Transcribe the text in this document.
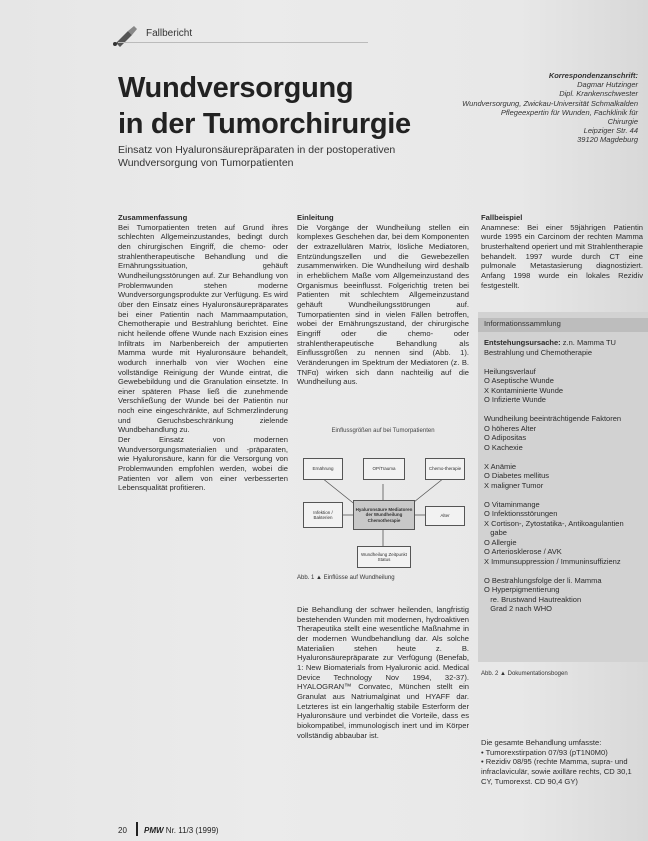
Fallbericht
Wundversorgung
in der Tumorchirurgie
Einsatz von Hyaluronsäurepräparaten in der postoperativen Wundversorgung von Tumorpatienten
Korrespondenzanschrift:
Dagmar Hutzinger
Dipl. Krankenschwester
Wundversorgung, Zwickau-Universität Schmalkalden
Pflegeexpertin für Wunden, Fachklinik für
Chirurgie
Leipziger Str. 44
39120 Magdeburg

Zusammenfassung

Bei Tumorpatienten treten auf Grund ihres schlechten Allgemeinzustandes, bedingt durch den chirurgischen Eingriff, die chemo- oder strahlentherapeutische Behandlung und die Ernährungssituation, gehäuft Wundheilungsstörungen auf. Zur Behandlung von Problemwunden stehen moderne Wundversorgungsprodukte zur Verfügung. Es wird über den Einsatz eines Hyaluronsäurepräparates bei einer Patientin nach Mammaamputation, Chemotherapie und Bestrahlung berichtet. Eine nicht heilende offene Wunde nach Exzision eines Infiltrats im Narbenbereich der amputierten Mamma wurde mit Hyaluronsäure behandelt, wodurch innerhalb von vier Wochen eine vollständige Reinigung der Wunde eintrat, die Gewebebildung und die Granulation einsetzte. In einer späteren Phase ließ die zunehmende Verschließung der Wunde bei der Patientin nur noch eine eingeschränkte, auf Schmerzlinderung und Geruchsbeschränkung zielende Wundbehandlung zu.

Der Einsatz von modernen Wundversorgungsmaterialien und -präparaten, wie Hyaluronsäure, kann für die Versorgung von Problemwunden empfohlen werden, wobei die Patienten vor allem von einer verbesserten Lebensqualität profitieren.

Einleitung

Die Vorgänge der Wundheilung stellen ein komplexes Geschehen dar, bei dem Komponenten der extrazellulären Matrix, lösliche Mediatoren, Entzündungszellen und die Gewebezellen zusammenwirken. Die Wundheilung wird deshalb in erheblichem Maße vom Allgemeinzustand des Organismus beeinflusst. Folgerichtig treten bei Patienten mit schlechtem Allgemeinzustand gehäuft Wundheilungsstörungen auf. Tumorpatienten sind in vielen Fällen betroffen, wobei der Ernährungszustand, der chirurgische Eingriff oder die chemo- oder strahlentherapeutische Behandlung als Einflussgrößen zu nennen sind (Abb. 1). Veränderungen im Spektrum der Mediatoren (z. B. TNFα) wirken sich dann nachteilig auf die Wundheilung aus.

Einflussgrößen auf bei Tumorpatienten
Ernährung	OP/Trauma	Chemo-therapie
Infektion / Bakterien
Hyaluronsäure Mediatoren der Wundheilung Chemotherapie
Alter
Wundheilung Zeitpunkt Status
Abb. 1 ▲ Einflüsse auf Wundheilung

Die Behandlung der schwer heilenden, langfristig bestehenden Wunden mit modernen, hydroaktiven Therapeutika stellt eine wesentliche Maßnahme in der modernen Wundbehandlung dar. Als solche Materialien stehen heute z. B. Hyaluronsäurepräparate zur Verfügung (Benefab, 1: New Biomaterials from Hyaluronic acid. Medical Device Technology Nov 1994, 32-37). HYALOGRAN™ Convatec, München stellt ein Granulat aus Natriumalginat und HYAFF dar. Letzteres ist ein langerhaltig stabile Esterform der Hyaluronsäure und verbindet die Vorteile, dass es biokompatibel, immunologisch inert und im Körper vollständig abbaubar ist.

Fallbeispiel

Anamnese: Bei einer 59jährigen Patientin wurde 1995 ein Carcinom der rechten Mamma brusterhaltend operiert und mit Strahlentherapie behandelt. 1997 wurde durch CT eine pulmonale Metastasierung diagnostiziert. Anfang 1998 wurde ein lokales Rezidiv festgestellt.

Informationssammlung
Entstehungsursache: z.n. Mamma TU Bestrahlung und Chemotherapie
Heilungsverlauf
O Aseptische Wunde
X Kontaminierte Wunde
O Infizierte Wunde
Wundheilung beeinträchtigende Faktoren
O höheres Alter
O Adipositas
O Kachexie
X Anämie
O Diabetes mellitus
X maligner Tumor
O Vitaminmange
O Infektionsstörungen
X Cortison-, Zytostatika-, Antikoagulantien
gabe
O Allergie
O Arteriosklerose / AVK
X Immunsuppression / Immuninsuffizienz
O Bestrahlungsfolge der li. Mamma
O Hyperpigmentierung
re. Brustwand Hautreaktion
Grad 2 nach WHO
Abb. 2 ▲ Dokumentationsbogen

Die gesamte Behandlung umfasste:

• Tumorexstirpation 07/93 (pT1N0M0)

• Rezidiv 08/95 (rechte Mamma, supra- und infraclaviculär, sowie axilläre rechts, CD 30,1 CY, Tumorexst. CD 90,4 GY)

20 PMW Nr. 11/3 (1999)
